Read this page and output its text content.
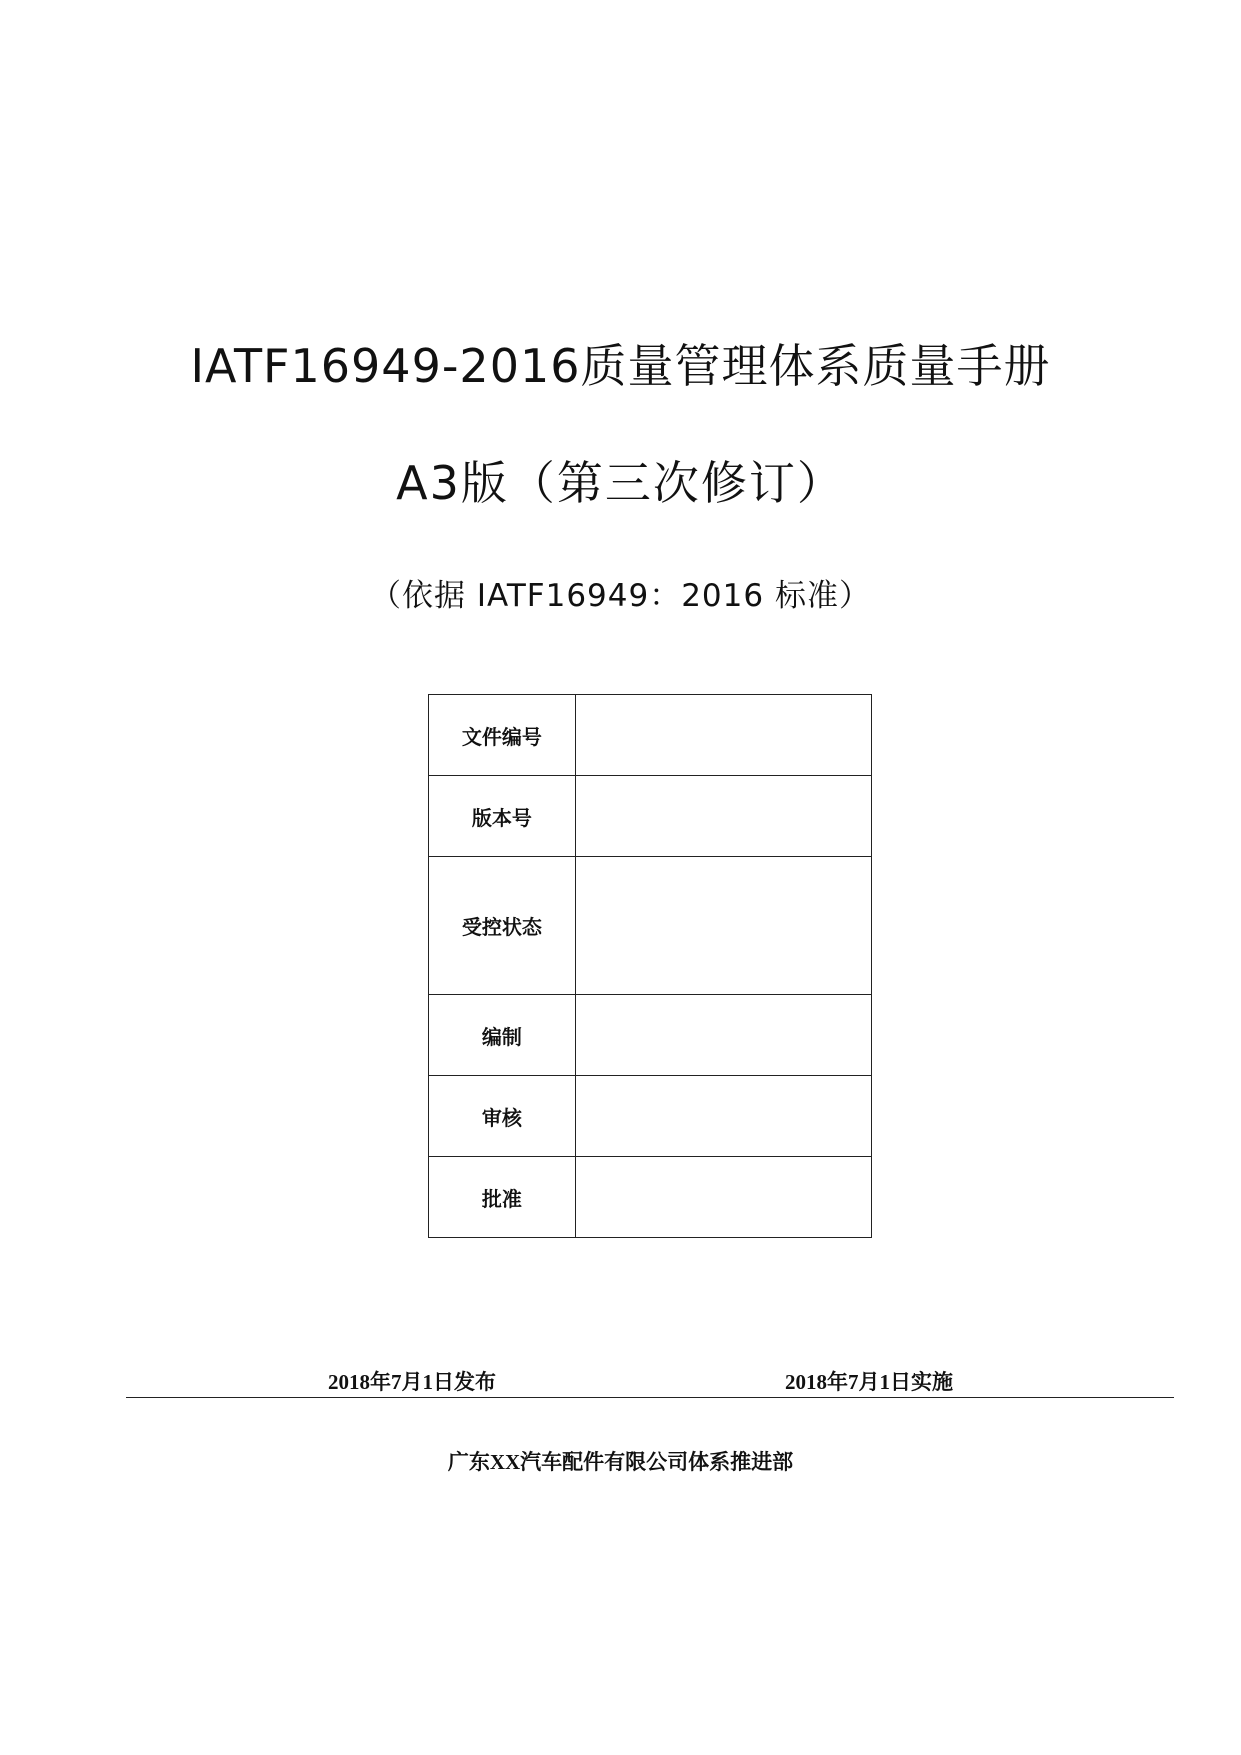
IATF16949-2016质量管理体系质量手册
A3版（第三次修订）
（依据 IATF16949：2016 标准）
文件编号	
版本号	
受控状态	
编制	
审核	
批准	
2018年7月1日发布	2018年7月1日实施
广东XX汽车配件有限公司体系推进部
